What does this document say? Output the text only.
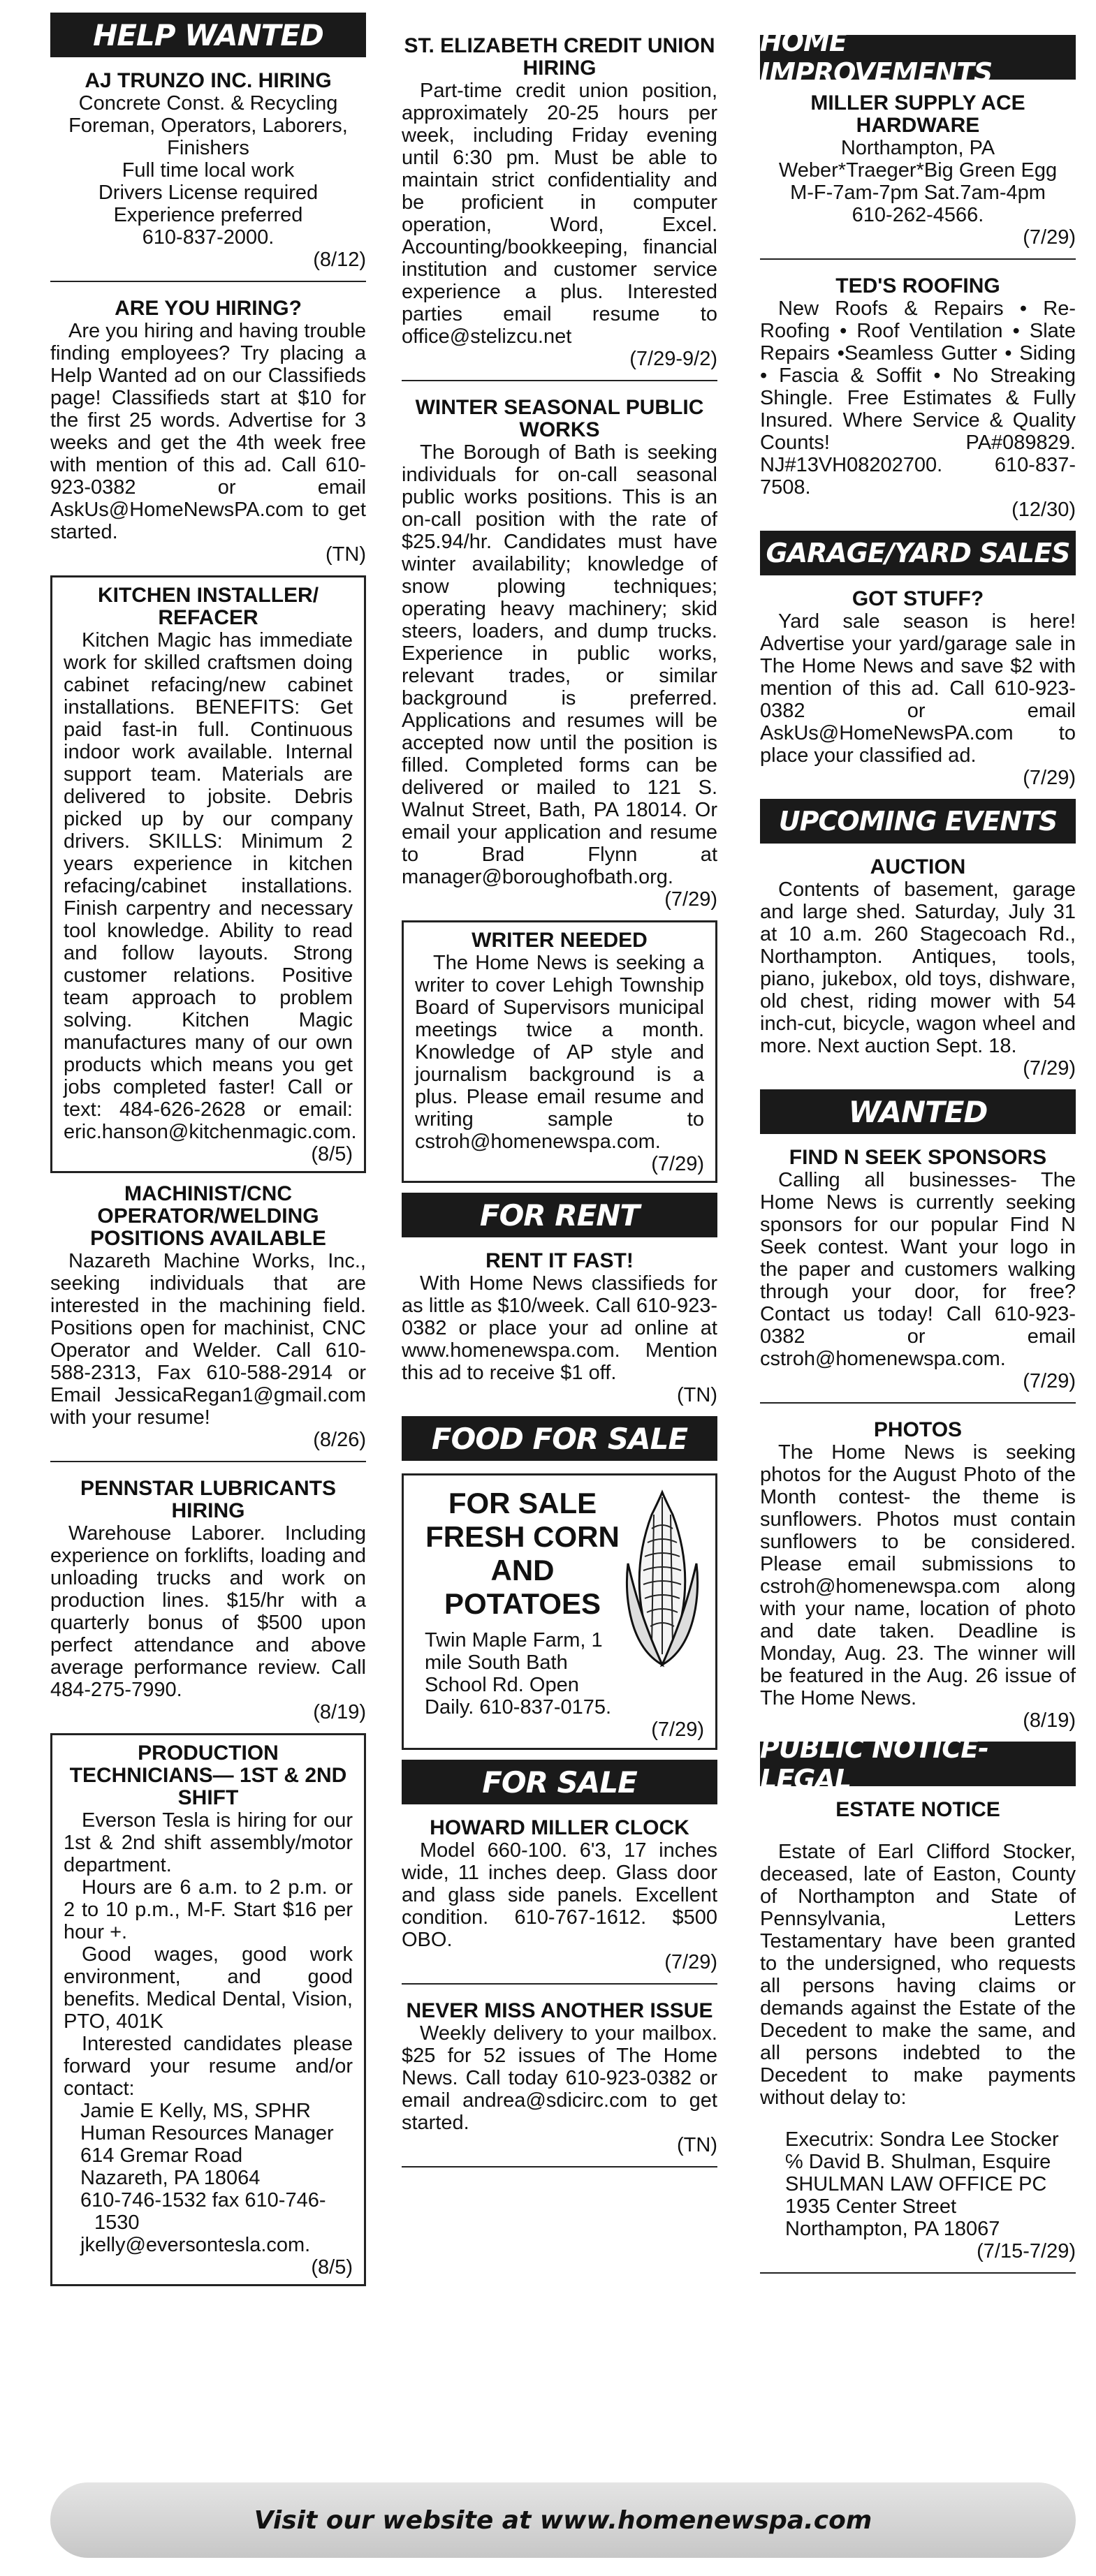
HELP WANTED
AJ TRUNZO INC. HIRING
Concrete Const. & Recycling
Foreman, Operators, Laborers, Finishers
Full time local work
Drivers License required
Experience preferred
610-837-2000.
(8/12)
ARE YOU HIRING?

Are you hiring and having trouble finding employees? Try placing a Help Wanted ad on our Classifieds page! Classifieds start at $10 for the first 25 words. Advertise for 3 weeks and get the 4th week free with mention of this ad. Call 610-923-0382 or email AskUs@HomeNewsPA.com to get started.

(TN)
KITCHEN INSTALLER/ REFACER

Kitchen Magic has immediate work for skilled craftsmen doing cabinet refacing/new cabinet installations. BENEFITS: Get paid fast-in full. Continuous indoor work available. Internal support team. Materials are delivered to jobsite. Debris picked up by our company drivers. SKILLS: Minimum 2 years experience in kitchen refacing/cabinet installations. Finish carpentry and necessary tool knowledge. Ability to read and follow layouts. Strong customer relations. Positive team approach to problem solving. Kitchen Magic manufactures many of our own products which means you get jobs completed faster! Call or text: 484-626-2628 or email: eric.hanson@kitchenmagic.com.

(8/5)
MACHINIST/CNC OPERATOR/WELDING POSITIONS AVAILABLE

Nazareth Machine Works, Inc., seeking individuals that are interested in the machining field. Positions open for machinist, CNC Operator and Welder. Call 610-588-2313, Fax 610-588-2914 or Email JessicaRegan1@gmail.com with your resume!

(8/26)
PENNSTAR LUBRICANTS HIRING

Warehouse Laborer. Including experience on forklifts, loading and unloading trucks and work on production lines. $15/hr with a quarterly bonus of $500 upon perfect attendance and above average performance review. Call 484-275-7990.

(8/19)
PRODUCTION TECHNICIANS— 1ST & 2ND SHIFT

Everson Tesla is hiring for our 1st & 2nd shift assembly/motor department.

Hours are 6 a.m. to 2 p.m. or 2 to 10 p.m., M-F. Start $16 per hour +.

Good wages, good work environment, and good benefits. Medical Dental, Vision, PTO, 401K

Interested candidates please forward your resume and/or contact:

Jamie E Kelly, MS, SPHR
Human Resources Manager
614 Gremar Road
Nazareth, PA 18064
610-746-1532 fax 610-746-1530
jkelly@eversontesla.com.
(8/5)
ST. ELIZABETH CREDIT UNION HIRING

Part-time credit union position, approximately 20-25 hours per week, including Friday evening until 6:30 pm. Must be able to maintain strict confidentiality and be proficient in computer operation, Word, Excel. Accounting/bookkeeping, financial institution and customer service experience a plus. Interested parties email resume to office@stelizcu.net

(7/29-9/2)
WINTER SEASONAL PUBLIC WORKS

The Borough of Bath is seeking individuals for on-call seasonal public works positions. This is an on-call position with the rate of $25.94/hr. Candidates must have winter availability; knowledge of snow plowing techniques; operating heavy machinery; skid steers, loaders, and dump trucks. Experience in public works, relevant trades, or similar background is preferred. Applications and resumes will be accepted now until the position is filled. Completed forms can be delivered or mailed to 121 S. Walnut Street, Bath, PA 18014. Or email your application and resume to Brad Flynn at manager@boroughofbath.org.

(7/29)
WRITER NEEDED

The Home News is seeking a writer to cover Lehigh Township Board of Supervisors municipal meetings twice a month. Knowledge of AP style and journalism background is a plus. Please email resume and writing sample to cstroh@homenewspa.com.

(7/29)
FOR RENT
RENT IT FAST!

With Home News classifieds for as little as $10/week. Call 610-923-0382 or place your ad online at www.homenewspa.com. Mention this ad to receive $1 off.

(TN)
FOOD FOR SALE
FOR SALE FRESH CORN AND POTATOES
Twin Maple Farm, 1 mile South Bath School Rd. Open Daily. 610-837-0175.
(7/29)
FOR SALE
HOWARD MILLER CLOCK

Model 660-100. 6'3, 17 inches wide, 11 inches deep. Glass door and glass side panels. Excellent condition. 610-767-1612. $500 OBO.

(7/29)
NEVER MISS ANOTHER ISSUE

Weekly delivery to your mailbox. $25 for 52 issues of The Home News. Call today 610-923-0382 or email andrea@sdicirc.com to get started.

(TN)
HOME IMPROVEMENTS
MILLER SUPPLY ACE HARDWARE
Northampton, PA
Weber*Traeger*Big Green Egg
M-F-7am-7pm Sat.7am-4pm
610-262-4566.
(7/29)
TED'S ROOFING

New Roofs & Repairs • Re-Roofing • Roof Ventilation • Slate Repairs •Seamless Gutter • Siding • Fascia & Soffit • No Streaking Shingle. Free Estimates & Fully Insured. Where Service & Quality Counts! PA#089829. NJ#13VH08202700. 610-837-7508.

(12/30)
GARAGE/YARD SALES
GOT STUFF?

Yard sale season is here! Advertise your yard/garage sale in The Home News and save $2 with mention of this ad. Call 610-923-0382 or email AskUs@HomeNewsPA.com to place your classified ad.

(7/29)
UPCOMING EVENTS
AUCTION

Contents of basement, garage and large shed. Saturday, July 31 at 10 a.m. 260 Stagecoach Rd., Northampton. Antiques, tools, piano, jukebox, old toys, dishware, old chest, riding mower with 54 inch-cut, bicycle, wagon wheel and more. Next auction Sept. 18.

(7/29)
WANTED
FIND N SEEK SPONSORS

Calling all businesses- The Home News is currently seeking sponsors for our popular Find N Seek contest. Want your logo in the paper and customers walking through your door, for free? Contact us today! Call 610-923-0382 or email cstroh@homenewspa.com.

(7/29)
PHOTOS

The Home News is seeking photos for the August Photo of the Month contest- the theme is sunflowers. Photos must contain sunflowers to be considered. Please email submissions to cstroh@homenewspa.com along with your name, location of photo and date taken. Deadline is Monday, Aug. 23. The winner will be featured in the Aug. 26 issue of The Home News.

(8/19)
PUBLIC NOTICE-LEGAL
ESTATE NOTICE

Estate of Earl Clifford Stocker, deceased, late of Easton, County of Northampton and State of Pennsylvania, Letters Testamentary have been granted to the undersigned, who requests all persons having claims or demands against the Estate of the Decedent to make the same, and all persons indebted to the Decedent to make payments without delay to:

Executrix: Sondra Lee Stocker
℅ David B. Shulman, Esquire
SHULMAN LAW OFFICE PC
1935 Center Street
Northampton, PA 18067
(7/15-7/29)
Visit our website at www.homenewspa.com
